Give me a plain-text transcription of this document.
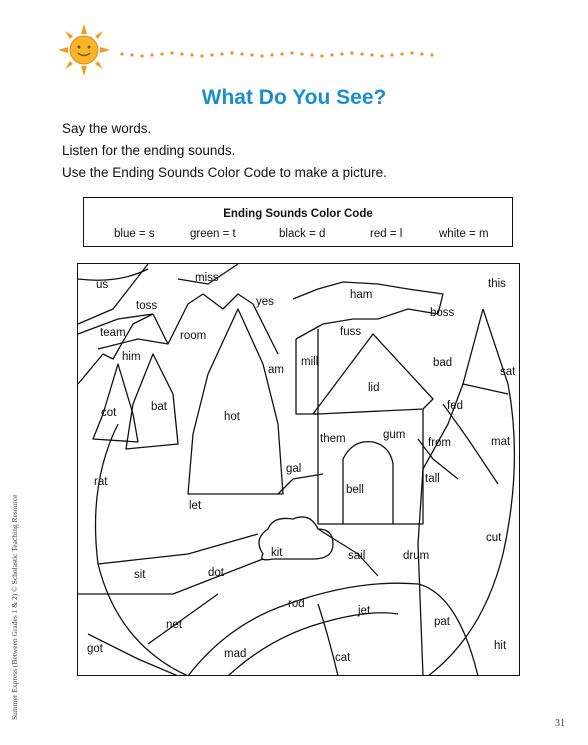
What Do You See?
Say the words.
Listen for the ending sounds.
Use the Ending Sounds Color Code to make a picture.
Ending Sounds Color Code
blue = s	green = t	black = d	red = l	white = m
us
miss
toss	yes
ham
this
boss
team	room	fuss
him	mill
am
bad
sat
lid
cot	bat
hot
fed
them	gum
from	mat
gal
rat	tall
bell
let
cut
kit	sail	drum
sit	dot
rod
jet
net	pat
got	hit
mad	cat
Summer Express (Between Grades 1 & 2) © Scholastic Teaching Resource
31
